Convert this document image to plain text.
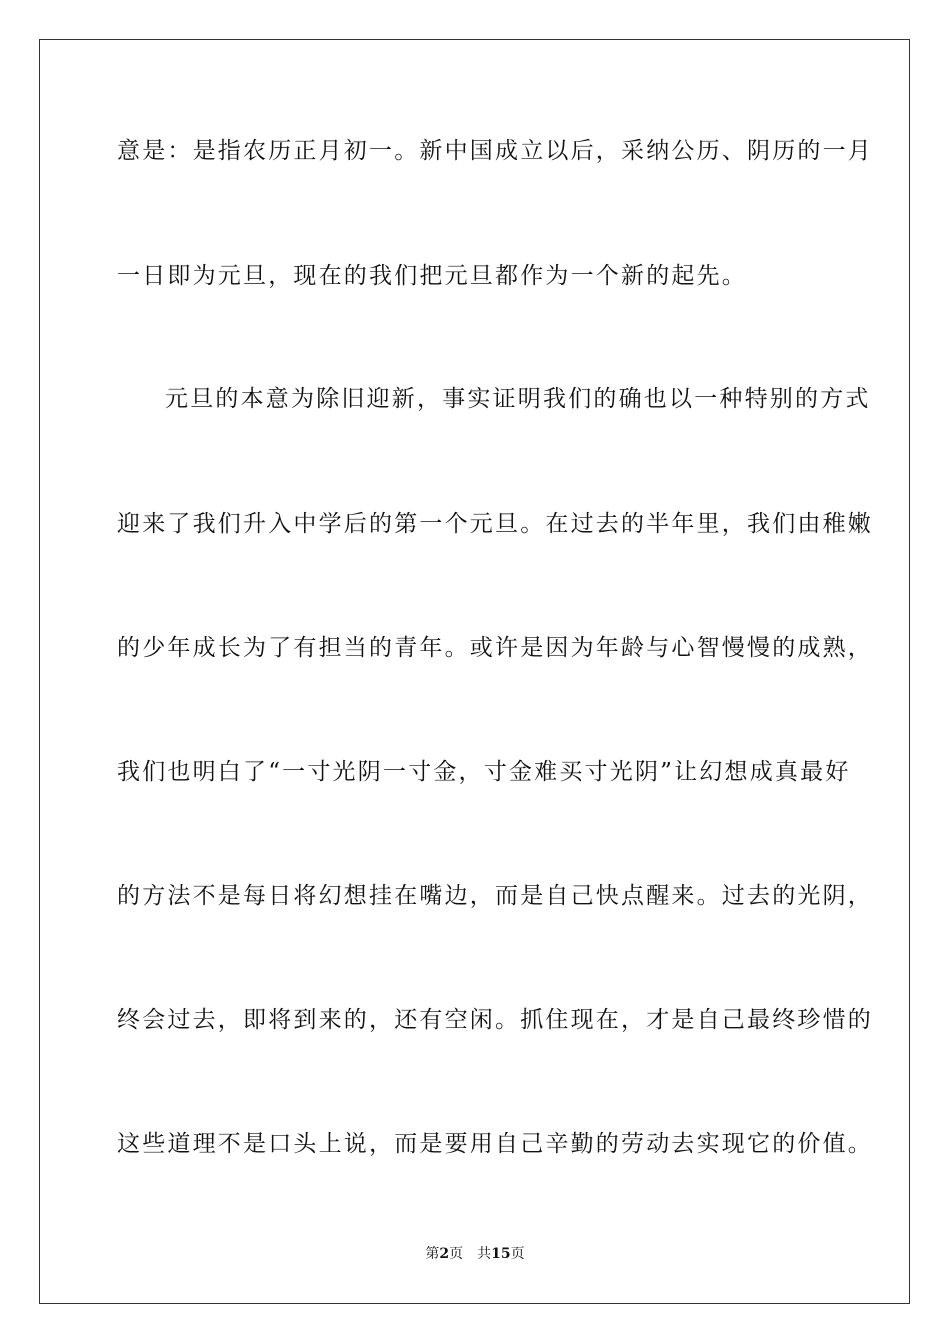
意是：是指农历正月初一。新中国成立以后，采纳公历、阴历的一月
一日即为元旦，现在的我们把元旦都作为一个新的起先。
元旦的本意为除旧迎新，事实证明我们的确也以一种特别的方式
迎来了我们升入中学后的第一个元旦。在过去的半年里，我们由稚嫩
的少年成长为了有担当的青年。或许是因为年龄与心智慢慢的成熟，
我们也明白了“一寸光阴一寸金，寸金难买寸光阴”让幻想成真最好
的方法不是每日将幻想挂在嘴边，而是自己快点醒来。过去的光阴，
终会过去，即将到来的，还有空闲。抓住现在，才是自己最终珍惜的
这些道理不是口头上说，而是要用自己辛勤的劳动去实现它的价值。
第2页 共15页
